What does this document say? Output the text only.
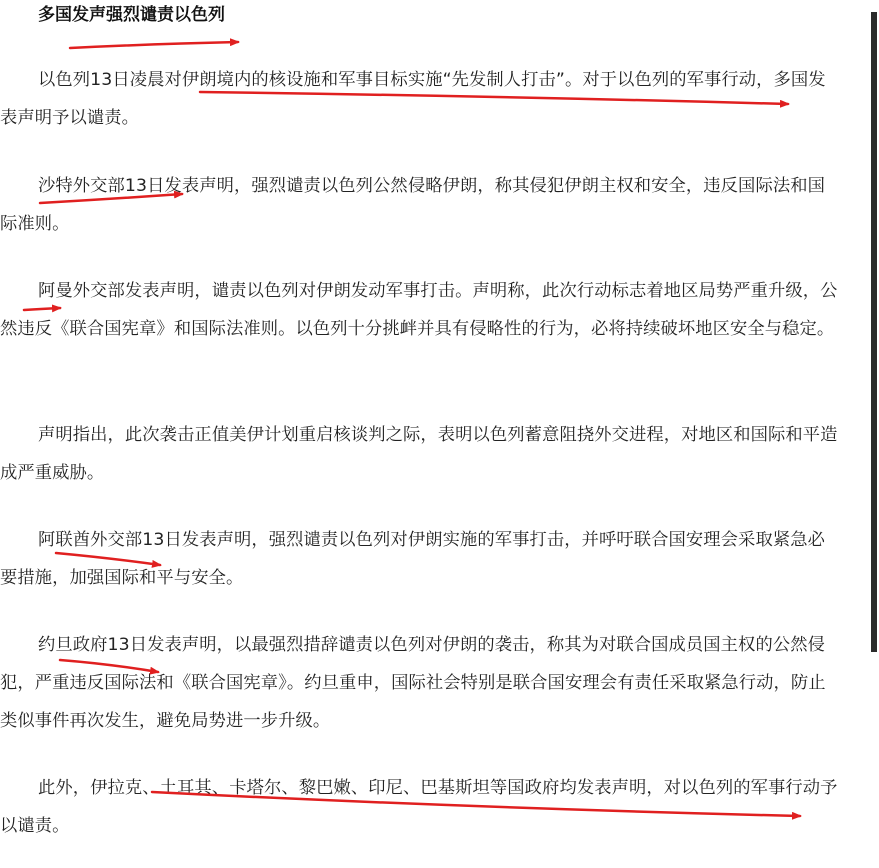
多国发声强烈谴责以色列

以色列13日凌晨对伊朗境内的核设施和军事目标实施“先发制人打击”。对于以色列的军事行动，多国发表声明予以谴责。

沙特外交部13日发表声明，强烈谴责以色列公然侵略伊朗，称其侵犯伊朗主权和安全，违反国际法和国际准则。

阿曼外交部发表声明，谴责以色列对伊朗发动军事打击。声明称，此次行动标志着地区局势严重升级，公然违反《联合国宪章》和国际法准则。以色列十分挑衅并具有侵略性的行为，必将持续破坏地区安全与稳定。

声明指出，此次袭击正值美伊计划重启核谈判之际，表明以色列蓄意阻挠外交进程，对地区和国际和平造成严重威胁。

阿联酋外交部13日发表声明，强烈谴责以色列对伊朗实施的军事打击，并呼吁联合国安理会采取紧急必要措施，加强国际和平与安全。

约旦政府13日发表声明，以最强烈措辞谴责以色列对伊朗的袭击，称其为对联合国成员国主权的公然侵犯，严重违反国际法和《联合国宪章》。约旦重申，国际社会特别是联合国安理会有责任采取紧急行动，防止类似事件再次发生，避免局势进一步升级。

此外，伊拉克、土耳其、卡塔尔、黎巴嫩、印尼、巴基斯坦等国政府均发表声明，对以色列的军事行动予以谴责。
